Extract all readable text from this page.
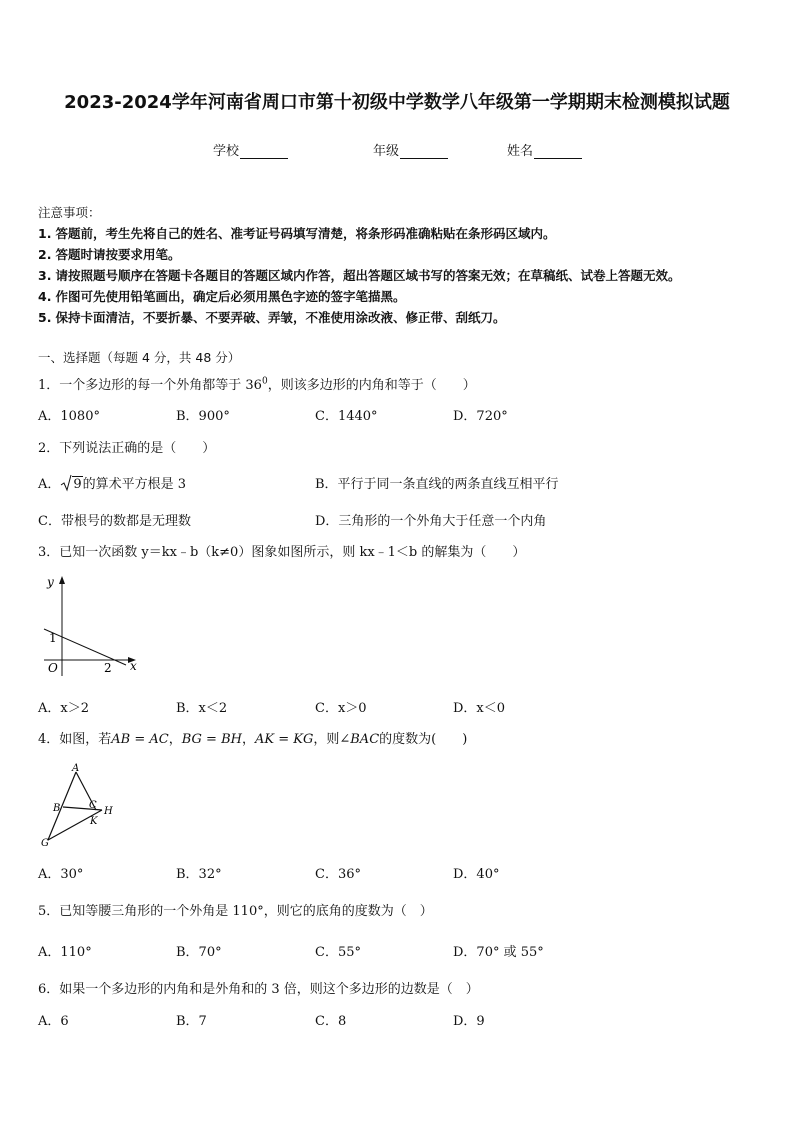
2023-2024学年河南省周口市第十初级中学数学八年级第一学期期末检测模拟试题
学校	年级	姓名
注意事项：
1. 答题前，考生先将自己的姓名、准考证号码填写清楚，将条形码准确粘贴在条形码区域内。
2. 答题时请按要求用笔。
3. 请按照题号顺序在答题卡各题目的答题区域内作答，超出答题区域书写的答案无效；在草稿纸、试卷上答题无效。
4. 作图可先使用铅笔画出，确定后必须用黑色字迹的签字笔描黑。
5. 保持卡面清洁，不要折暴、不要弄破、弄皱，不准使用涂改液、修正带、刮纸刀。
一、选择题（每题 4 分，共 48 分）
1．一个多边形的每一个外角都等于 $36^0$，则该多边形的内角和等于（　　）
A．1080°	B．900°	C．1440°	D．720°
2．下列说法正确的是（　　）
A． 9的算术平方根是 3	B．平行于同一条直线的两条直线互相平行
C．带根号的数都是无理数	D．三角形的一个外角大于任意一个内角
3．已知一次函数 y＝kx﹣b（k≠0）图象如图所示，则 kx﹣1＜b 的解集为（　　）
y
x
O
1
2
A．x＞2	B．x＜2	C．x＞0	D．x＜0
4．如图，若AB = AC，BG = BH，AK = KG，则∠BAC的度数为(　　)
A
B	C
H
K
G
A．30°	B．32°	C．36°	D．40°
5．已知等腰三角形的一个外角是 110°，则它的底角的度数为（　）
A．110°	B．70°	C．55°	D．70° 或 55°
6．如果一个多边形的内角和是外角和的 3 倍，则这个多边形的边数是（　）
A．6	B．7	C．8	D．9
